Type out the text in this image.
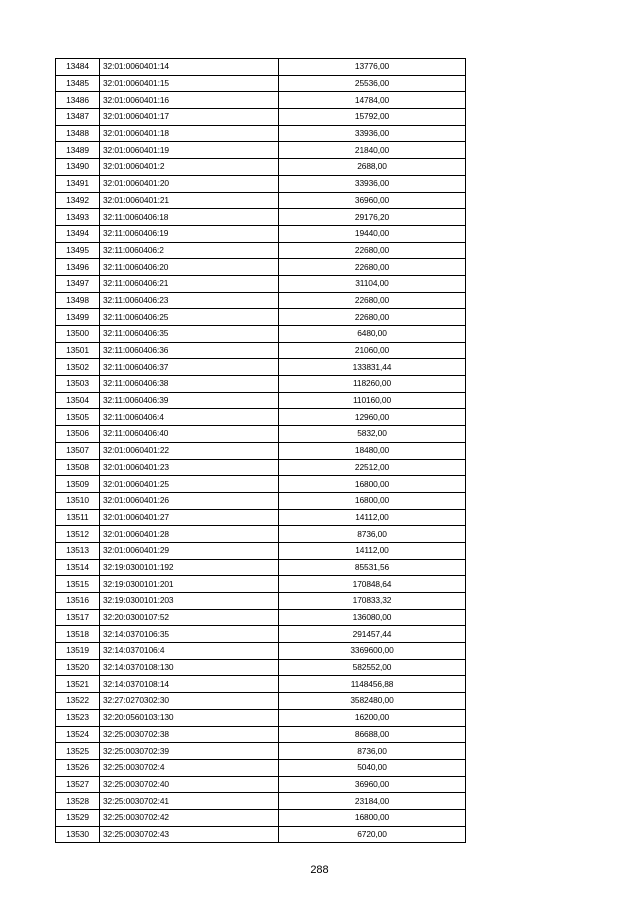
13484	32:01:0060401:14	13776,00
13485	32:01:0060401:15	25536,00
13486	32:01:0060401:16	14784,00
13487	32:01:0060401:17	15792,00
13488	32:01:0060401:18	33936,00
13489	32:01:0060401:19	21840,00
13490	32:01:0060401:2	2688,00
13491	32:01:0060401:20	33936,00
13492	32:01:0060401:21	36960,00
13493	32:11:0060406:18	29176,20
13494	32:11:0060406:19	19440,00
13495	32:11:0060406:2	22680,00
13496	32:11:0060406:20	22680,00
13497	32:11:0060406:21	31104,00
13498	32:11:0060406:23	22680,00
13499	32:11:0060406:25	22680,00
13500	32:11:0060406:35	6480,00
13501	32:11:0060406:36	21060,00
13502	32:11:0060406:37	133831,44
13503	32:11:0060406:38	118260,00
13504	32:11:0060406:39	110160,00
13505	32:11:0060406:4	12960,00
13506	32:11:0060406:40	5832,00
13507	32:01:0060401:22	18480,00
13508	32:01:0060401:23	22512,00
13509	32:01:0060401:25	16800,00
13510	32:01:0060401:26	16800,00
13511	32:01:0060401:27	14112,00
13512	32:01:0060401:28	8736,00
13513	32:01:0060401:29	14112,00
13514	32:19:0300101:192	85531,56
13515	32:19:0300101:201	170848,64
13516	32:19:0300101:203	170833,32
13517	32:20:0300107:52	136080,00
13518	32:14:0370106:35	291457,44
13519	32:14:0370106:4	3369600,00
13520	32:14:0370108:130	582552,00
13521	32:14:0370108:14	1148456,88
13522	32:27:0270302:30	3582480,00
13523	32:20:0560103:130	16200,00
13524	32:25:0030702:38	86688,00
13525	32:25:0030702:39	8736,00
13526	32:25:0030702:4	5040,00
13527	32:25:0030702:40	36960,00
13528	32:25:0030702:41	23184,00
13529	32:25:0030702:42	16800,00
13530	32:25:0030702:43	6720,00
288
